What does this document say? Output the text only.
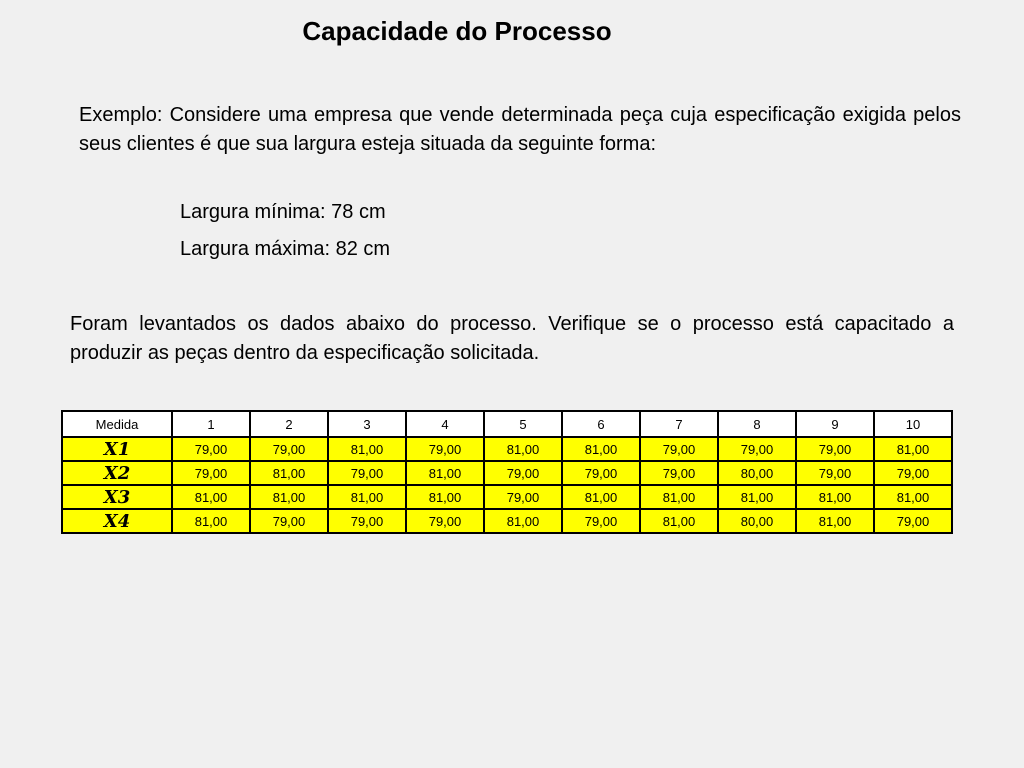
Capacidade do Processo
Exemplo: Considere uma empresa que vende determinada peça cuja especificação exigida pelos seus clientes é que sua largura esteja situada da seguinte forma:
Largura mínima: 78 cm
Largura máxima: 82 cm
Foram levantados os dados abaixo do processo. Verifique se o processo está capacitado a produzir as peças dentro da especificação solicitada.
Medida	1	2	3	4	5	6	7	8	9	10
X1	79,00	79,00	81,00	79,00	81,00	81,00	79,00	79,00	79,00	81,00
X2	79,00	81,00	79,00	81,00	79,00	79,00	79,00	80,00	79,00	79,00
X3	81,00	81,00	81,00	81,00	79,00	81,00	81,00	81,00	81,00	81,00
X4	81,00	79,00	79,00	79,00	81,00	79,00	81,00	80,00	81,00	79,00
